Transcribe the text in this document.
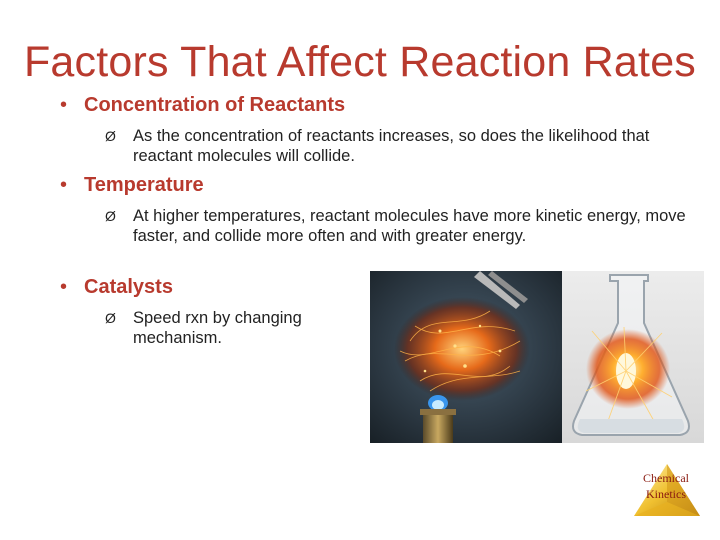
Factors That Affect Reaction Rates
• Concentration of Reactants
Ø As the concentration of reactants increases, so does the likelihood that reactant molecules will collide.
• Temperature
Ø At higher temperatures, reactant molecules have more kinetic energy, move faster, and collide more often and with greater energy.
• Catalysts
Ø Speed rxn by changing mechanism.
Chemical
Kinetics
